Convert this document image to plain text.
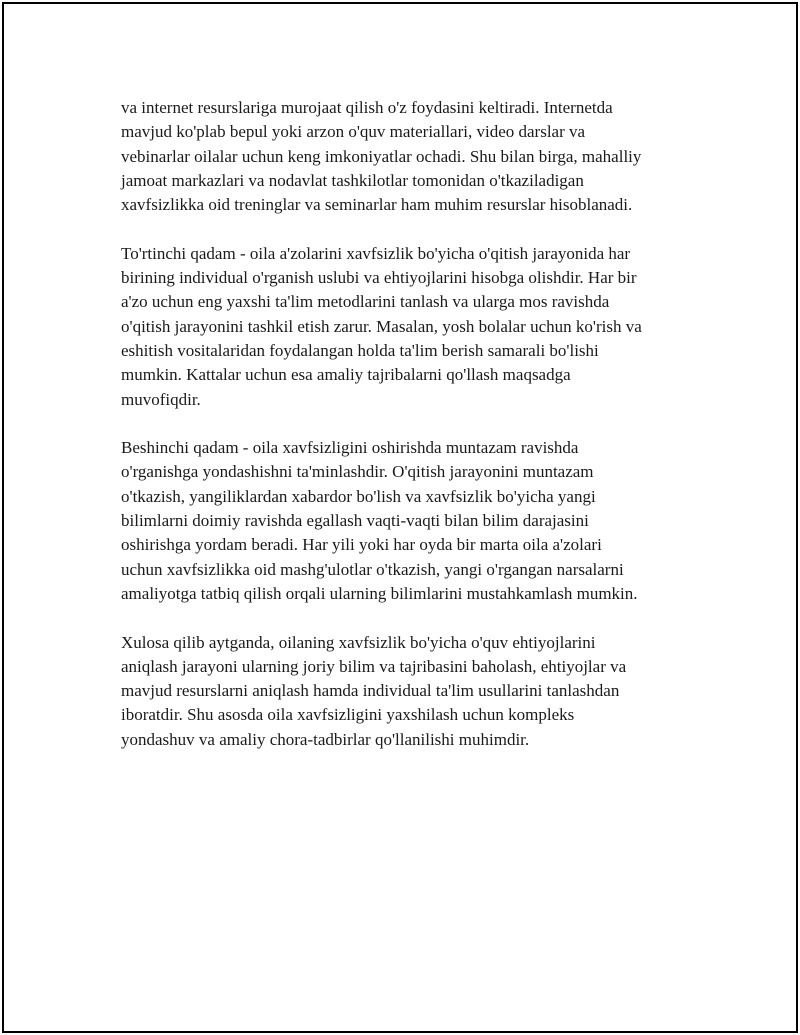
va internet resurslariga murojaat qilish o'z foydasini keltiradi. Internetda
mavjud ko'plab bepul yoki arzon o'quv materiallari, video darslar va
vebinarlar oilalar uchun keng imkoniyatlar ochadi. Shu bilan birga, mahalliy
jamoat markazlari va nodavlat tashkilotlar tomonidan o'tkaziladigan
xavfsizlikka oid treninglar va seminarlar ham muhim resurslar hisoblanadi.

To'rtinchi qadam - oila a'zolarini xavfsizlik bo'yicha o'qitish jarayonida har
birining individual o'rganish uslubi va ehtiyojlarini hisobga olishdir. Har bir
a'zo uchun eng yaxshi ta'lim metodlarini tanlash va ularga mos ravishda
o'qitish jarayonini tashkil etish zarur. Masalan, yosh bolalar uchun ko'rish va
eshitish vositalaridan foydalangan holda ta'lim berish samarali bo'lishi
mumkin. Kattalar uchun esa amaliy tajribalarni qo'llash maqsadga
muvofiqdir.

Beshinchi qadam - oila xavfsizligini oshirishda muntazam ravishda
o'rganishga yondashishni ta'minlashdir. O'qitish jarayonini muntazam
o'tkazish, yangiliklardan xabardor bo'lish va xavfsizlik bo'yicha yangi
bilimlarni doimiy ravishda egallash vaqti-vaqti bilan bilim darajasini
oshirishga yordam beradi. Har yili yoki har oyda bir marta oila a'zolari
uchun xavfsizlikka oid mashg'ulotlar o'tkazish, yangi o'rgangan narsalarni
amaliyotga tatbiq qilish orqali ularning bilimlarini mustahkamlash mumkin.

Xulosa qilib aytganda, oilaning xavfsizlik bo'yicha o'quv ehtiyojlarini
aniqlash jarayoni ularning joriy bilim va tajribasini baholash, ehtiyojlar va
mavjud resurslarni aniqlash hamda individual ta'lim usullarini tanlashdan
iboratdir. Shu asosda oila xavfsizligini yaxshilash uchun kompleks
yondashuv va amaliy chora-tadbirlar qo'llanilishi muhimdir.
